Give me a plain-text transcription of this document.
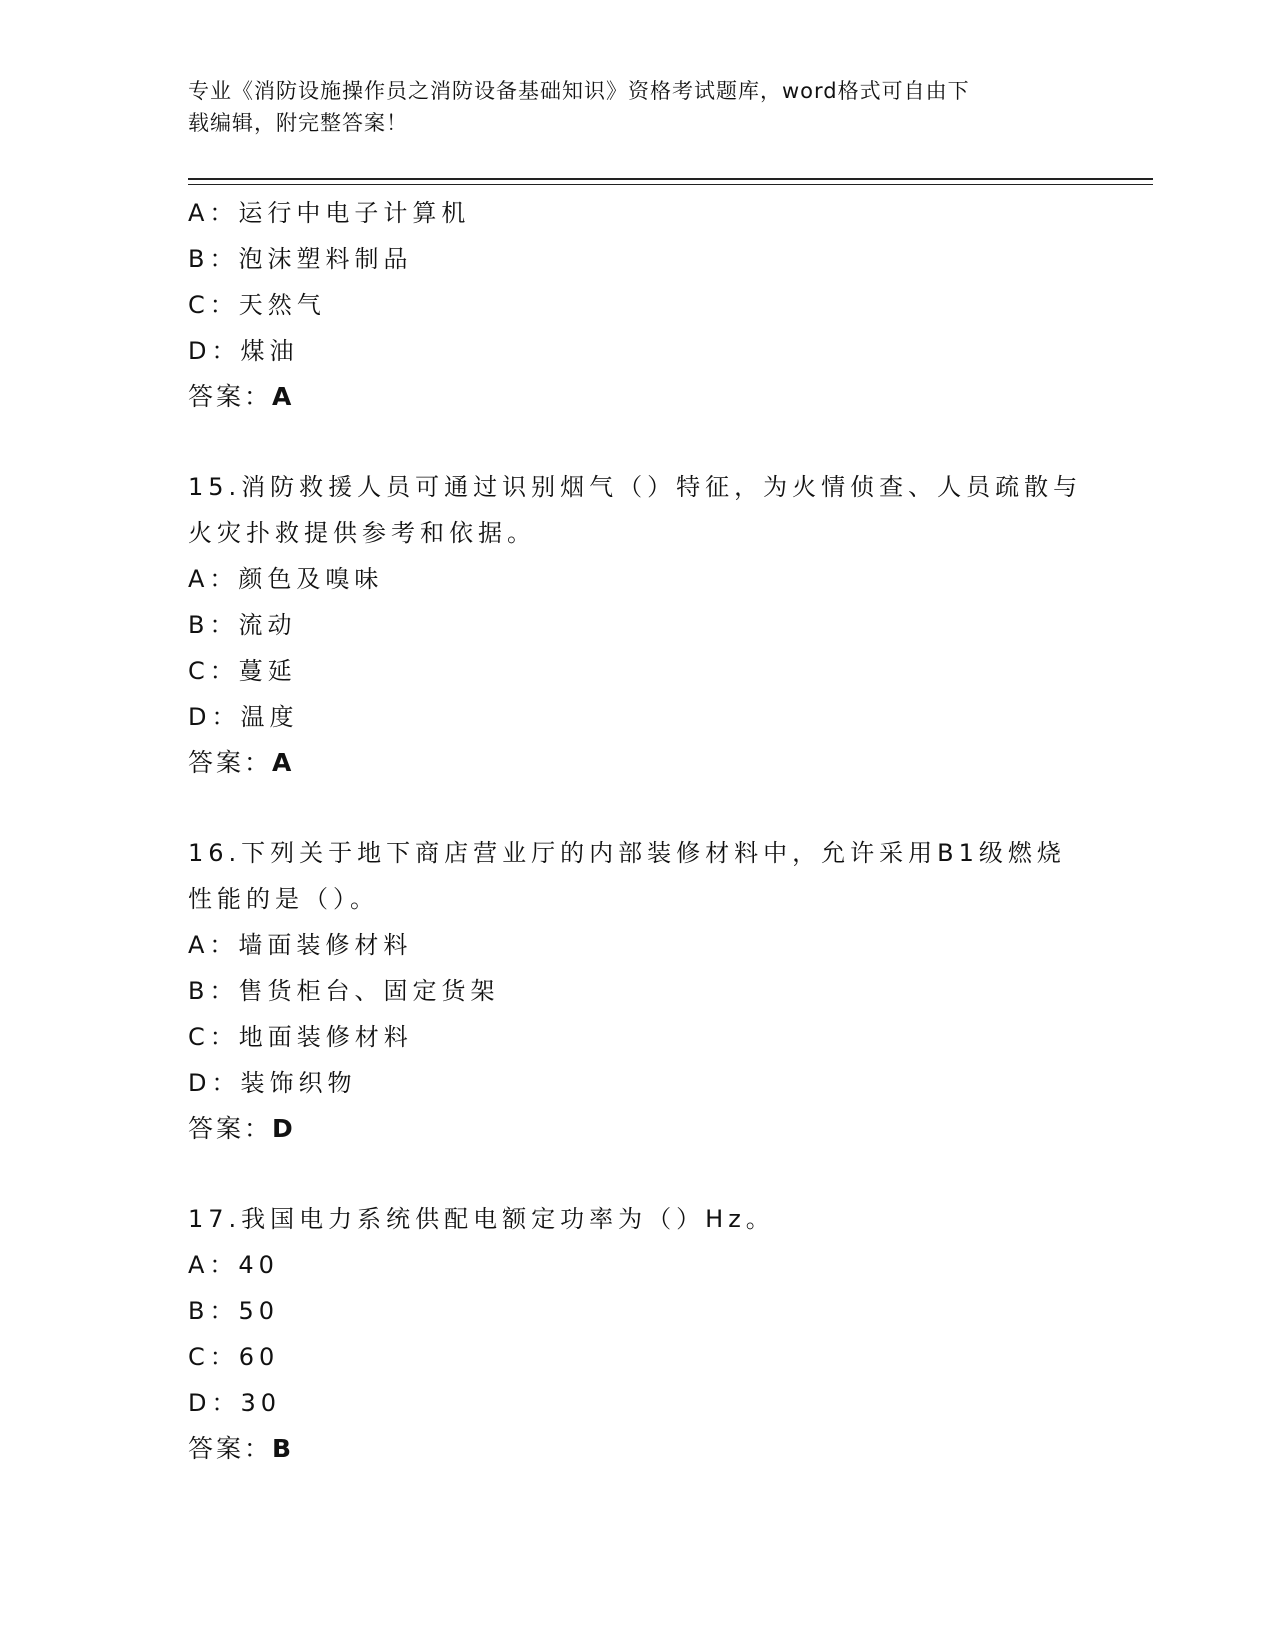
专业《消防设施操作员之消防设备基础知识》资格考试题库，word格式可自由下
载编辑，附完整答案！
A：运行中电子计算机
B：泡沫塑料制品
C：天然气
D：煤油
答案：A
15.消防救援人员可通过识别烟气（）特征，为火情侦查、人员疏散与
火灾扑救提供参考和依据。
A：颜色及嗅味
B：流动
C：蔓延
D：温度
答案：A
16.下列关于地下商店营业厅的内部装修材料中，允许采用B1级燃烧
性能的是（）。
A：墙面装修材料
B：售货柜台、固定货架
C：地面装修材料
D：装饰织物
答案：D
17.我国电力系统供配电额定功率为（）Hz。
A：40
B：50
C：60
D：30
答案：B
